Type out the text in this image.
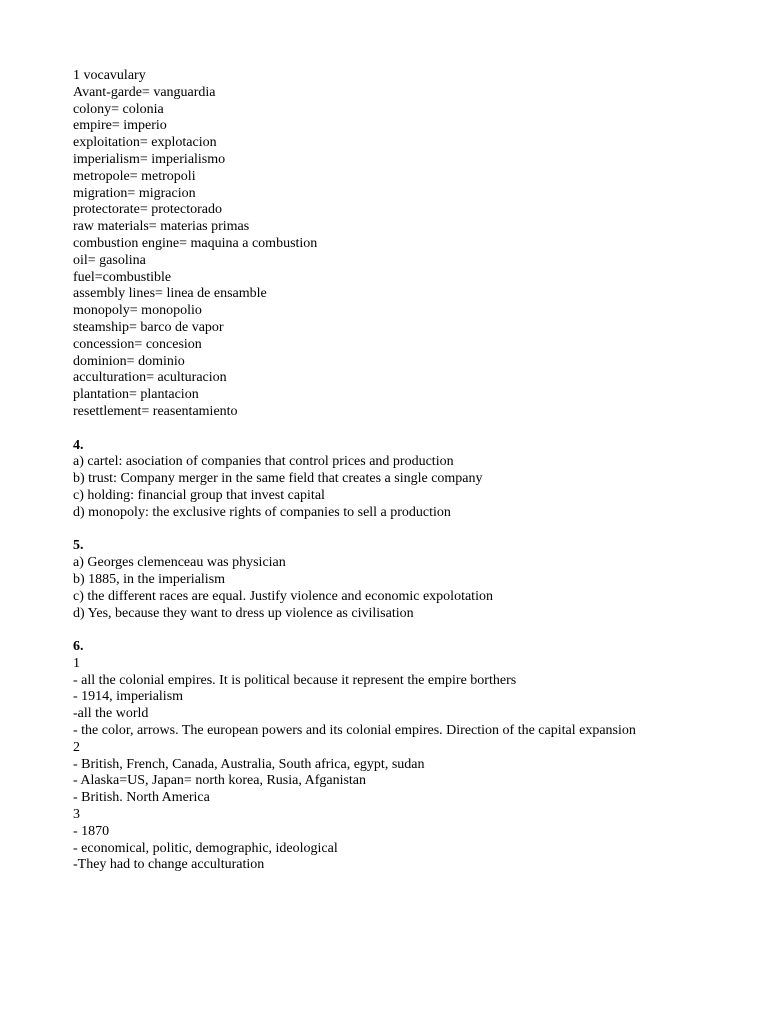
1 vocavulary
Avant-garde= vanguardia
colony= colonia
empire= imperio
exploitation= explotacion
imperialism= imperialismo
metropole= metropoli
migration= migracion
protectorate= protectorado
raw materials= materias primas
combustion engine= maquina a combustion
oil= gasolina
fuel=combustible
assembly lines= linea de ensamble
monopoly= monopolio
steamship= barco de vapor
concession= concesion
dominion= dominio
acculturation= aculturacion
plantation= plantacion
resettlement= reasentamiento
4.
a) cartel: asociation of companies that control prices and production
b) trust: Company merger in the same field that creates a single company
c) holding: financial group that invest capital
d) monopoly: the exclusive rights of companies to sell a production
5.
a) Georges clemenceau was physician
b) 1885, in the imperialism
c) the different races are equal. Justify violence and economic expolotation
d) Yes, because they want to dress up violence as civilisation
6.
1
- all the colonial empires. It is political because it represent the empire borthers
- 1914, imperialism
-all the world
- the color, arrows. The european powers and its colonial empires. Direction of the capital expansion
2
- British, French, Canada, Australia, South africa, egypt, sudan
- Alaska=US, Japan= north korea, Rusia, Afganistan
- British. North America
3
- 1870
- economical, politic, demographic, ideological
-They had to change acculturation
